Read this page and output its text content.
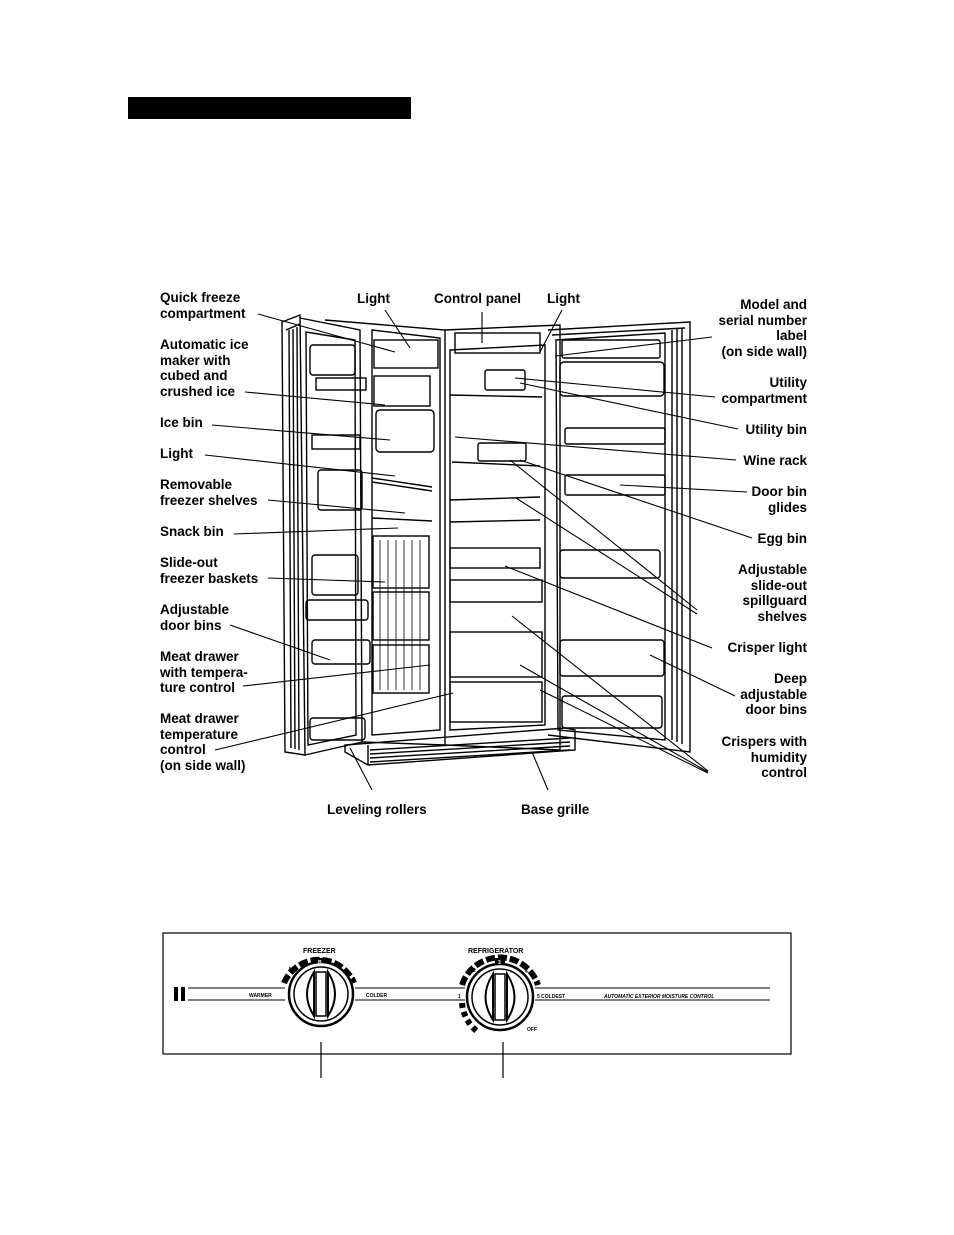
Quick freeze
compartment
Automatic ice
maker with
cubed and
crushed ice
Ice bin
Light
Removable
freezer shelves
Snack bin
Slide-out
freezer baskets
Adjustable
door bins
Meat drawer
with tempera-
ture control
Meat drawer
temperature
control
(on side wall)
Light	Control panel Light	Model and
serial number
label
(on side wall)
Utility
compartment
Utility bin
Wine rack
Door bin
glides
Egg bin
Adjustable
slide-out
spillguard
shelves
Crisper light
Deep
adjustable
door bins
Crispers with
humidity
control
Leveling rollers	Base grille
FREEZER	REFRIGERATOR
WARMER	COLDER
A
B
C
1
2
3
4
5 COLDEST
OFF
AUTOMATIC EXTERIOR MOISTURE CONTROL
